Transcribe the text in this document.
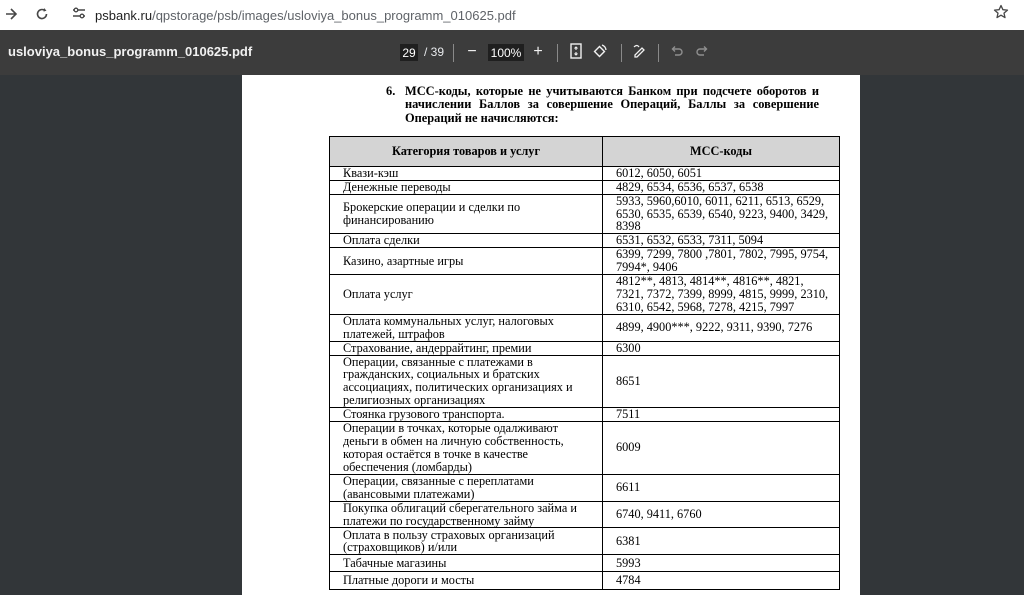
psbank.ru/qpstorage/psb/images/usloviya_bonus_programm_010625.pdf
usloviya_bonus_programm_010625.pdf	29 / 39	−	100% +
6. MCC-коды, которые не учитываются Банком при подсчете оборотов и начислении Баллов за совершение Операций, Баллы за совершение Операций не начисляются:
Категория товаров и услуг	MCC-коды
Квази-кэш	6012, 6050, 6051
Денежные переводы	4829, 6534, 6536, 6537, 6538
Брокерские операции и сделки по финансированию	5933, 5960,6010, 6011, 6211, 6513, 6529, 6530, 6535, 6539, 6540, 9223, 9400, 3429, 8398
Оплата сделки	6531, 6532, 6533, 7311, 5094
Казино, азартные игры	6399, 7299, 7800 ,7801, 7802, 7995, 9754, 7994*, 9406
Оплата услуг	4812**, 4813, 4814**, 4816**, 4821, 7321, 7372, 7399, 8999, 4815, 9999, 2310, 6310, 6542, 5968, 7278, 4215, 7997
Оплата коммунальных услуг, налоговых платежей, штрафов	4899, 4900***, 9222, 9311, 9390, 7276
Страхование, андеррайтинг, премии	6300
Операции, связанные с платежами в гражданских, социальных и братских ассоциациях, политических организациях и религиозных организациях	8651
Стоянка грузового транспорта.	7511
Операции в точках, которые одалживают деньги в обмен на личную собственность, которая остаётся в точке в качестве обеспечения (ломбарды)	6009
Операции, связанные с переплатами (авансовыми платежами)	6611
Покупка облигаций сберегательного займа и платежи по государственному займу	6740, 9411, 6760
Оплата в пользу страховых организаций (страховщиков) и/или	6381
Табачные магазины	5993
Платные дороги и мосты	4784
